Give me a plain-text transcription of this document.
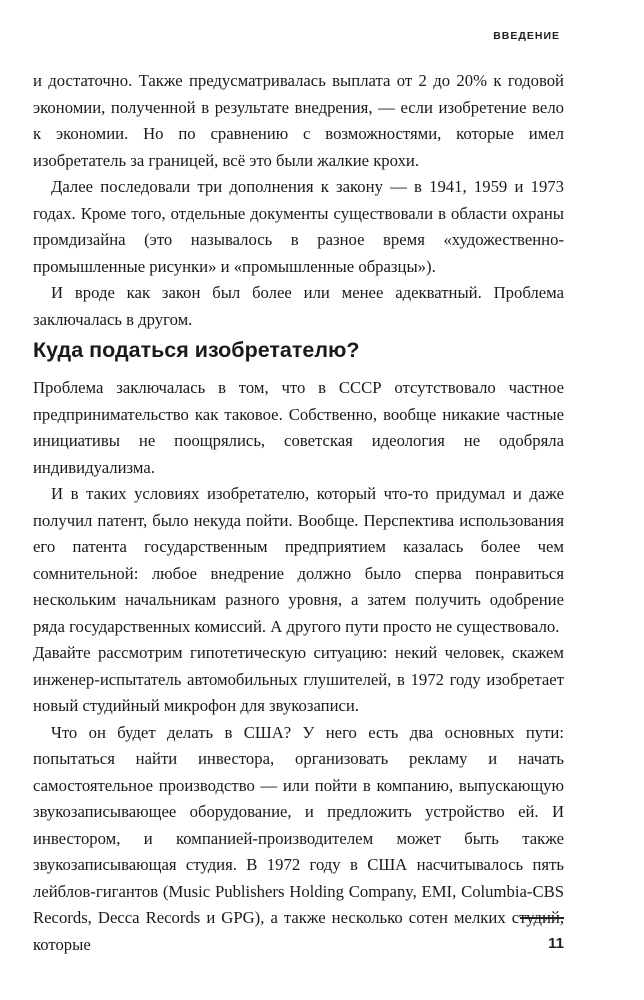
ВВЕДЕНИЕ

и достаточно. Также предусматривалась выплата от 2 до 20% к годовой экономии, полученной в результате внедрения, — если изобретение вело к экономии. Но по сравнению с возможностями, которые имел изобретатель за границей, всё это были жалкие крохи.

Далее последовали три дополнения к закону — в 1941, 1959 и 1973 годах. Кроме того, отдельные документы существовали в области охраны промдизайна (это называлось в разное время «художественно-промышленные рисунки» и «промышленные образцы»).

И вроде как закон был более или менее адекватный. Проблема заключалась в другом.

Куда податься изобретателю?

Проблема заключалась в том, что в СССР отсутствовало частное предпринимательство как таковое. Собственно, вообще никакие частные инициативы не поощрялись, советская идеология не одобряла индивидуализма.

И в таких условиях изобретателю, который что-то придумал и даже получил патент, было некуда пойти. Вообще. Перспектива использования его патента государственным предприятием казалась более чем сомнительной: любое внедрение должно было сперва понравиться нескольким начальникам разного уровня, а затем получить одобрение ряда государственных комиссий. А другого пути просто не существовало.

Давайте рассмотрим гипотетическую ситуацию: некий человек, скажем инженер-испытатель автомобильных глушителей, в 1972 году изобретает новый студийный микрофон для звукозаписи.

Что он будет делать в США? У него есть два основных пути: попытаться найти инвестора, организовать рекламу и начать самостоятельное производство — или пойти в компанию, выпускающую звукозаписывающее оборудование, и предложить устройство ей. И инвестором, и компанией-производителем может быть также звукозаписывающая студия. В 1972 году в США насчитывалось пять лейблов-гигантов (Music Publishers Holding Company, EMI, Columbia-CBS Records, Decca Records и GPG), а также несколько сотен мелких студий, которые	11
